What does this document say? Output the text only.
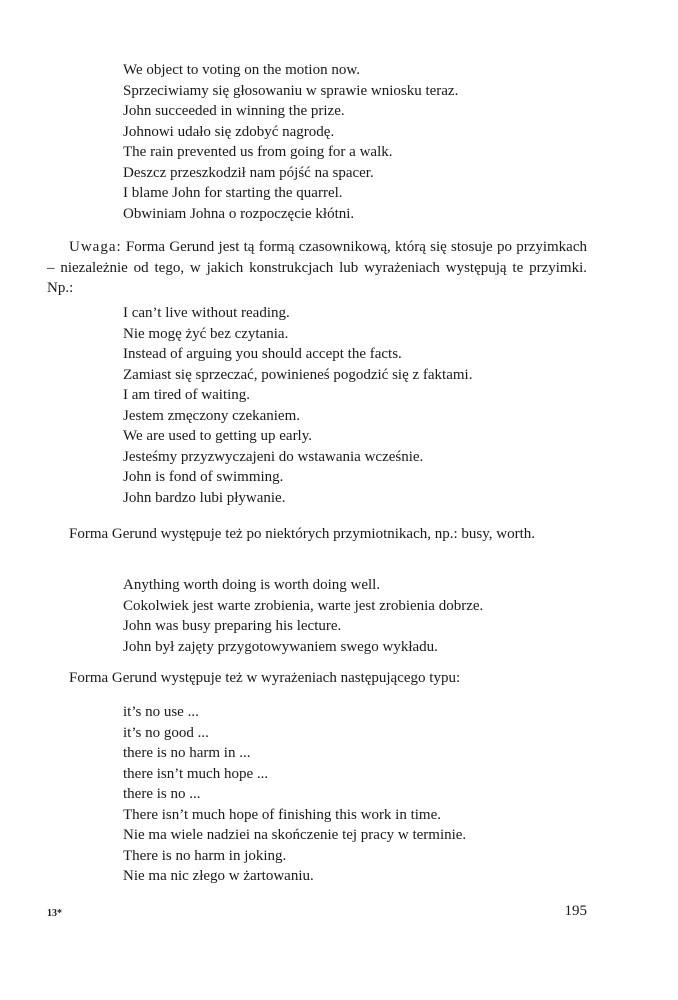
We object to voting on the motion now.
Sprzeciwiamy się głosowaniu w sprawie wniosku teraz.
John succeeded in winning the prize.
Johnowi udało się zdobyć nagrodę.
The rain prevented us from going for a walk.
Deszcz przeszkodził nam pójść na spacer.
I blame John for starting the quarrel.
Obwiniam Johna o rozpoczęcie kłótni.
Uwaga: Forma Gerund jest tą formą czasownikową, którą się stosuje po przyimkach – niezależnie od tego, w jakich konstrukcjach lub wyrażeniach występują te przyimki. Np.:
I can’t live without reading.
Nie mogę żyć bez czytania.
Instead of arguing you should accept the facts.
Zamiast się sprzeczać, powinieneś pogodzić się z faktami.
I am tired of waiting.
Jestem zmęczony czekaniem.
We are used to getting up early.
Jesteśmy przyzwyczajeni do wstawania wcześnie.
John is fond of swimming.
John bardzo lubi pływanie.
Forma Gerund występuje też po niektórych przymiotnikach, np.: busy, worth.
Anything worth doing is worth doing well.
Cokolwiek jest warte zrobienia, warte jest zrobienia dobrze.
John was busy preparing his lecture.
John był zajęty przygotowywaniem swego wykładu.
Forma Gerund występuje też w wyrażeniach następującego typu:
it’s no use ...
it’s no good ...
there is no harm in ...
there isn’t much hope ...
there is no ...
There isn’t much hope of finishing this work in time.
Nie ma wiele nadziei na skończenie tej pracy w terminie.
There is no harm in joking.
Nie ma nic złego w żartowaniu.
13*	195
